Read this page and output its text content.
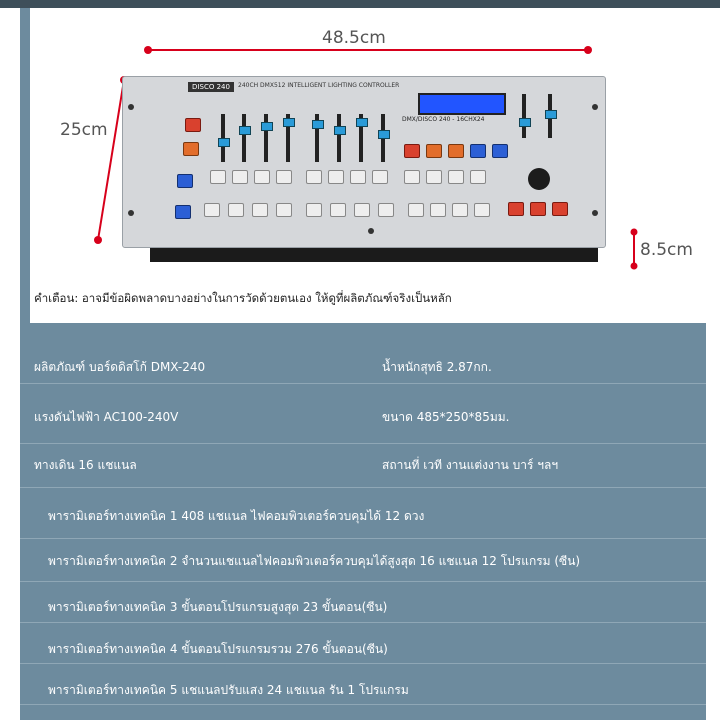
48.5cm
25cm
8.5cm
DISCO 240	240CH DMX512 INTELLIGENT LIGHTING CONTROLLER
DMX/DISCO 240 - 16CHX24
คำเตือน: อาจมีข้อผิดพลาดบางอย่างในการวัดด้วยตนเอง ให้ดูที่ผลิตภัณฑ์จริงเป็นหลัก
ผลิตภัณฑ์ บอร์ดดิสโก้ DMX-240	น้ำหนักสุทธิ 2.87กก.
แรงดันไฟฟ้า AC100-240V	ขนาด 485*250*85มม.
ทางเดิน 16 แชแนล	สถานที่ เวที งานแต่งงาน บาร์ ฯลฯ
พารามิเตอร์ทางเทคนิค 1 408 แชแนล ไฟคอมพิวเตอร์ควบคุมได้ 12 ดวง
พารามิเตอร์ทางเทคนิค 2 จำนวนแชแนลไฟคอมพิวเตอร์ควบคุมได้สูงสุด 16 แชแนล 12 โปรแกรม (ซีน)
พารามิเตอร์ทางเทคนิค 3 ขั้นตอนโปรแกรมสูงสุด 23 ขั้นตอน(ซีน)
พารามิเตอร์ทางเทคนิค 4 ขั้นตอนโปรแกรมรวม 276 ขั้นตอน(ซีน)
พารามิเตอร์ทางเทคนิค 5 แชแนลปรับแสง 24 แชแนล รัน 1 โปรแกรม
